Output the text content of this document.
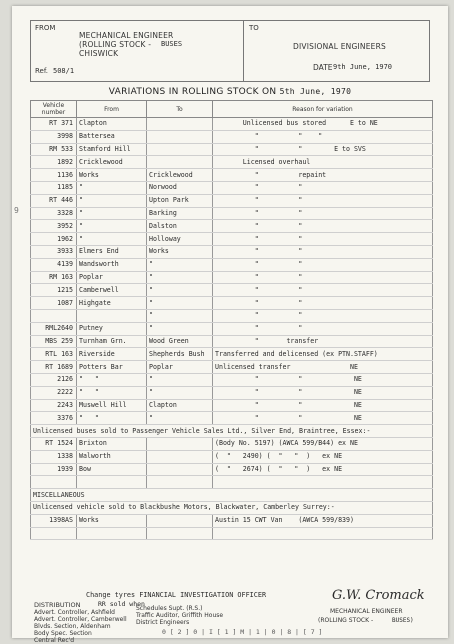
FROM
MECHANICAL ENGINEER
(ROLLING STOCK - BUSES
CHISWICK
Ref. 508/1
TO
DIVISIONAL ENGINEERS
DATE 9th June, 1970
VARIATIONS IN ROLLING STOCK ON 5th June, 1970
Vehicle number	From	To	Reason for variation
RT 371	Clapton		Unlicensed bus stored      E to NE
3998	Battersea		"          "    "
RM 533	Stamford Hill		"          "        E to SVS
1892	Cricklewood		Licensed overhaul
1136	Works	Cricklewood	"          repaint
1185	"	Norwood	"          "
RT 446	"	Upton Park	"          "
3328	"	Barking	"          "
3952	"	Dalston	"          "
1962	"	Holloway	"          "
3933	Elmers End	Works	"          "
4139	Wandsworth	"	"          "
RM 163	Poplar	"	"          "
1215	Camberwell	"	"          "
1087	Highgate	"	"          "
		"	"          "
RML2640	Putney	"	"          "
MBS 259	Turnham Grn.	Wood Green	"       transfer
RTL 163	Riverside	Shepherds Bush	Transferred and delicensed (ex PTN.STAFF)
RT 1689	Potters Bar	Poplar	Unlicensed transfer               NE
2126	"   "	"	"          "             NE
2222	"   "	"	"          "             NE
2243	Muswell Hill	Clapton	"          "             NE
3376	"   "	"	"          "             NE
Unlicensed buses sold to Passenger Vehicle Sales Ltd., Silver End, Braintree, Essex:-			
RT 1524	Brixton		(Body No. 5197) (AWCA 599/B44) ex NE
1338	Walworth		(  "   2490) (  "   "  )   ex NE
1939	Bow		(  "   2674) (  "   "  )   ex NE

MISCELLANEOUS			
Unlicensed vehicle sold to Blackbushe Motors, Blackwater, Camberley Surrey:-			
1398AS	Works		Austin 15 CWT Van    (AWCA 599/839)

9
DISTRIBUTION
Change tyres FINANCIAL INVESTIGATION OFFICER
RR sold when
Advert. Controller, Ashfield
Advert. Controller, Camberwell
Blvds. Section, Aldenham
Body Spec. Section
Central Rec'd
Schedules Supt. (R.S.)
Traffic Auditor, Griffith House
District Engineers
G.W. Cromack
MECHANICAL ENGINEER
(ROLLING STOCK -	BUSES)
0 [ 2 ] 0 | I [ 1 ] M | 1 | 0 | 8 | [ 7 ]
